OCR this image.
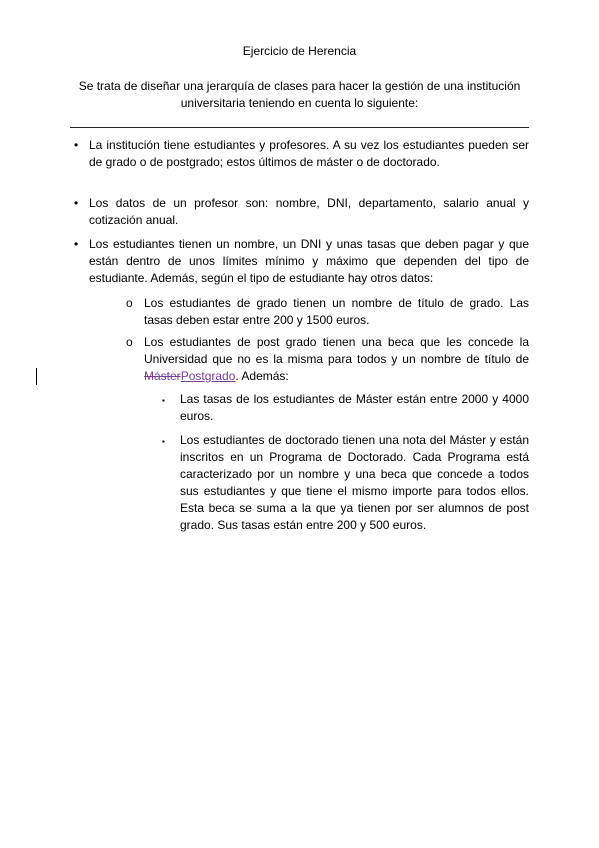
Ejercicio de Herencia
Se trata de diseñar una jerarquía de clases para hacer la gestión de una institución universitaria teniendo en cuenta lo siguiente:
• La institución tiene estudiantes y profesores. A su vez los estudiantes pueden ser de grado o de postgrado; estos últimos de máster o de doctorado.

• Los datos de un profesor son: nombre, DNI, departamento, salario anual y cotización anual.

• Los estudiantes tienen un nombre, un DNI y unas tasas que deben pagar y que están dentro de unos límites mínimo y máximo que dependen del tipo de estudiante. Además, según el tipo de estudiante hay otros datos:

o Los estudiantes de grado tienen un nombre de título de grado. Las tasas deben estar entre 200 y 1500 euros.

o Los estudiantes de post grado tienen una beca que les concede la Universidad que no es la misma para todos y un nombre de título de MásterPostgrado. Además:

▪ Las tasas de los estudiantes de Máster están entre 2000 y 4000 euros.

▪ Los estudiantes de doctorado tienen una nota del Máster y están inscritos en un Programa de Doctorado. Cada Programa está caracterizado por un nombre y una beca que concede a todos sus estudiantes y que tiene el mismo importe para todos ellos. Esta beca se suma a la que ya tienen por ser alumnos de post grado. Sus tasas están entre 200 y 500 euros.
